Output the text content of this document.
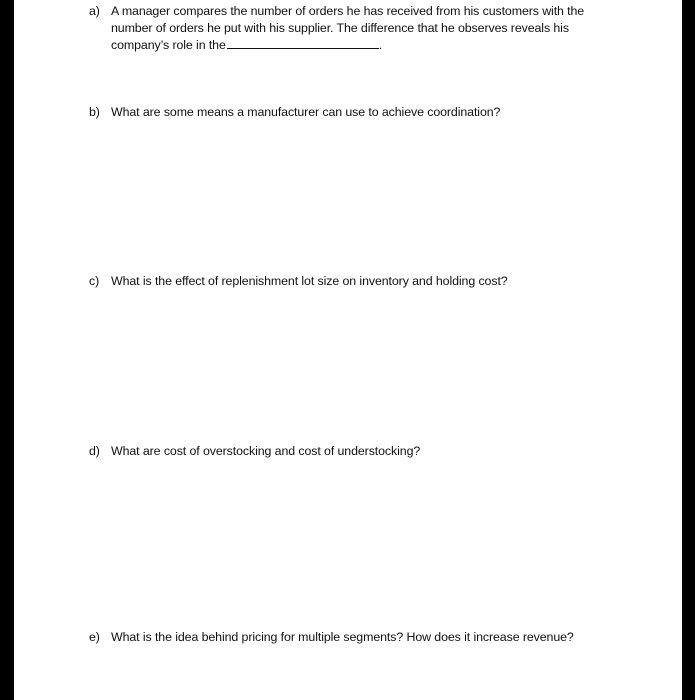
a) A manager compares the number of orders he has received from his customers with the number of orders he put with his supplier. The difference that he observes reveals his company’s role in the	.
b) What are some means a manufacturer can use to achieve coordination?
c) What is the effect of replenishment lot size on inventory and holding cost?
d) What are cost of overstocking and cost of understocking?
e) What is the idea behind pricing for multiple segments? How does it increase revenue?
